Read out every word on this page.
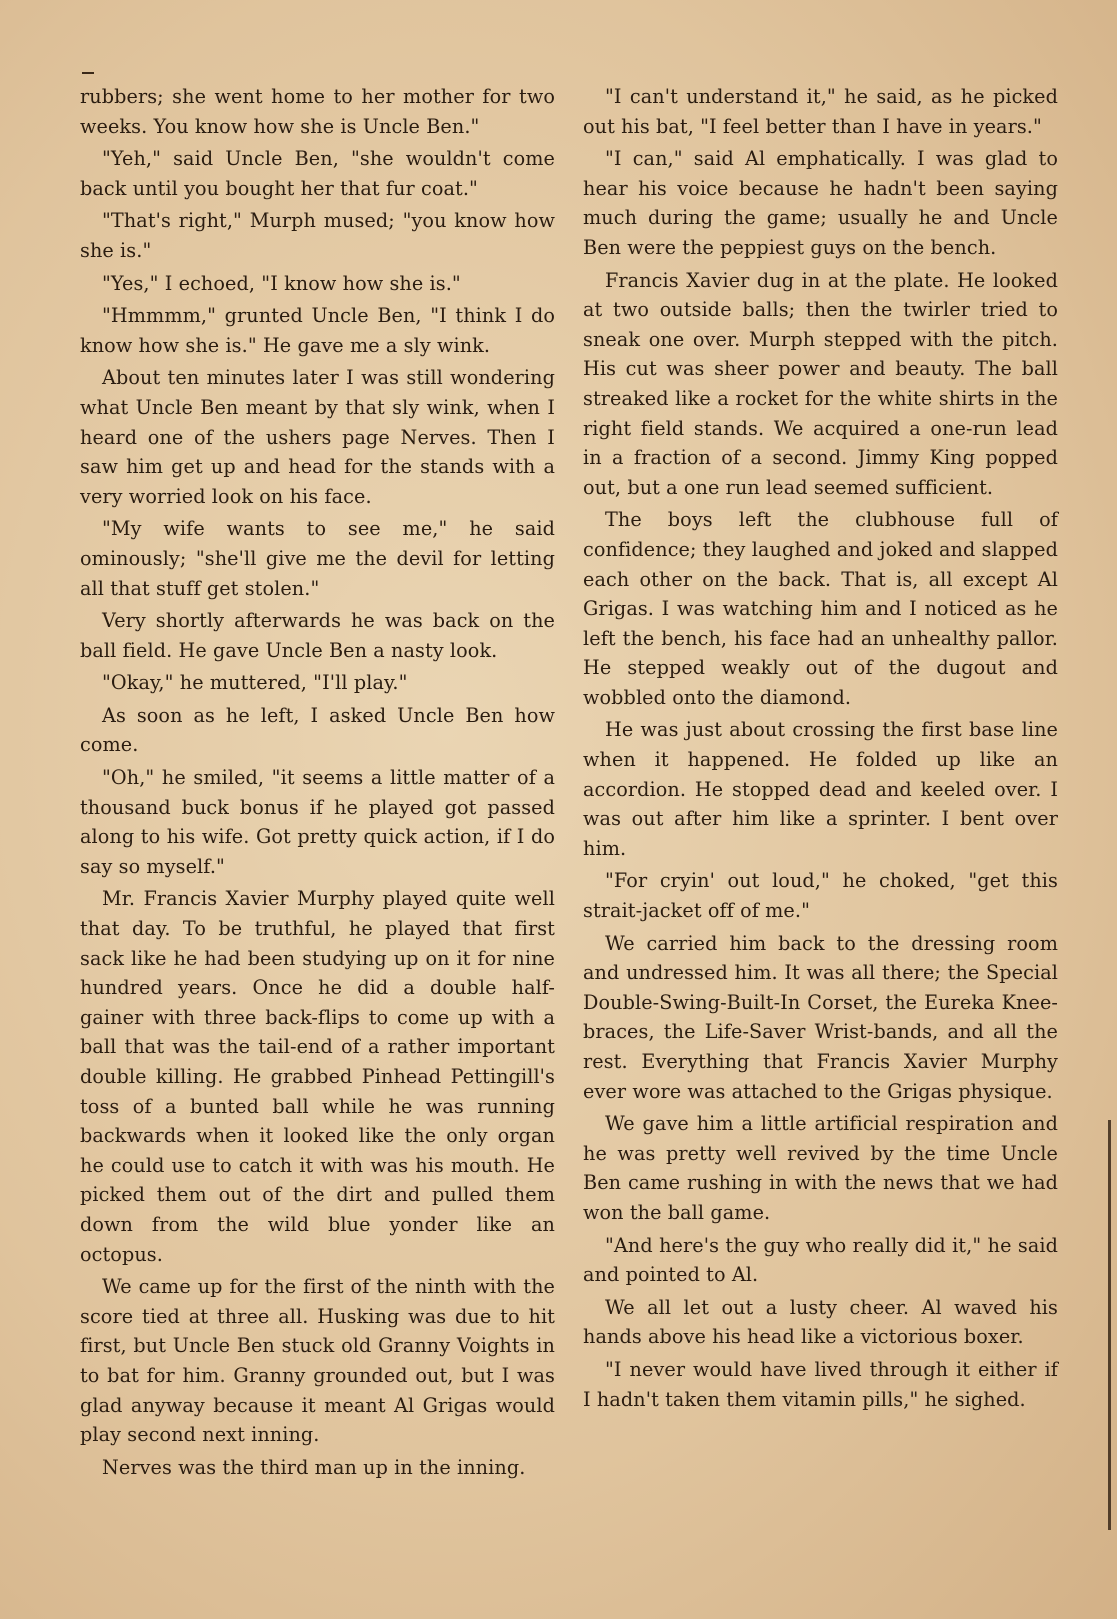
rubbers; she went home to her mother for two weeks. You know how she is Uncle Ben."

"Yeh," said Uncle Ben, "she wouldn't come back until you bought her that fur coat."

"That's right," Murph mused; "you know how she is."

"Yes," I echoed, "I know how she is."

"Hmmmm," grunted Uncle Ben, "I think I do know how she is." He gave me a sly wink.

About ten minutes later I was still wondering what Uncle Ben meant by that sly wink, when I heard one of the ushers page Nerves. Then I saw him get up and head for the stands with a very worried look on his face.

"My wife wants to see me," he said ominously; "she'll give me the devil for letting all that stuff get stolen."

Very shortly afterwards he was back on the ball field. He gave Uncle Ben a nasty look.

"Okay," he muttered, "I'll play."

As soon as he left, I asked Uncle Ben how come.

"Oh," he smiled, "it seems a little matter of a thousand buck bonus if he played got passed along to his wife. Got pretty quick action, if I do say so myself."

Mr. Francis Xavier Murphy played quite well that day. To be truthful, he played that first sack like he had been studying up on it for nine hundred years. Once he did a double half-gainer with three back-flips to come up with a ball that was the tail-end of a rather important double killing. He grabbed Pinhead Pettingill's toss of a bunted ball while he was running backwards when it looked like the only organ he could use to catch it with was his mouth. He picked them out of the dirt and pulled them down from the wild blue yonder like an octopus.

We came up for the first of the ninth with the score tied at three all. Husking was due to hit first, but Uncle Ben stuck old Granny Voights in to bat for him. Granny grounded out, but I was glad anyway because it meant Al Grigas would play second next inning.

Nerves was the third man up in the inning.

"I can't understand it," he said, as he picked out his bat, "I feel better than I have in years."

"I can," said Al emphatically. I was glad to hear his voice because he hadn't been saying much during the game; usually he and Uncle Ben were the peppiest guys on the bench.

Francis Xavier dug in at the plate. He looked at two outside balls; then the twirler tried to sneak one over. Murph stepped with the pitch. His cut was sheer power and beauty. The ball streaked like a rocket for the white shirts in the right field stands. We acquired a one-run lead in a fraction of a second. Jimmy King popped out, but a one run lead seemed sufficient.

The boys left the clubhouse full of confidence; they laughed and joked and slapped each other on the back. That is, all except Al Grigas. I was watching him and I noticed as he left the bench, his face had an unhealthy pallor. He stepped weakly out of the dugout and wobbled onto the diamond.

He was just about crossing the first base line when it happened. He folded up like an accordion. He stopped dead and keeled over. I was out after him like a sprinter. I bent over him.

"For cryin' out loud," he choked, "get this strait-jacket off of me."

We carried him back to the dressing room and undressed him. It was all there; the Special Double-Swing-Built-In Corset, the Eureka Knee-braces, the Life-Saver Wrist-bands, and all the rest. Everything that Francis Xavier Murphy ever wore was attached to the Grigas physique.

We gave him a little artificial respiration and he was pretty well revived by the time Uncle Ben came rushing in with the news that we had won the ball game.

"And here's the guy who really did it," he said and pointed to Al.

We all let out a lusty cheer. Al waved his hands above his head like a victorious boxer.

"I never would have lived through it either if I hadn't taken them vitamin pills," he sighed.
